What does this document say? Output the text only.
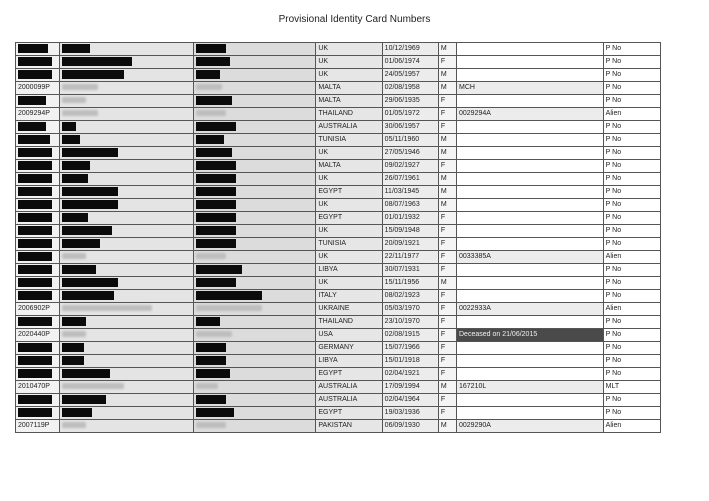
Provisional Identity Card Numbers
			UK	10/12/1969	M		P No
			UK	01/06/1974	F		P No
			UK	24/05/1957	M		P No
2000099P			MALTA	02/08/1958	M	MCH	P No
			MALTA	29/06/1935	F		P No
2009294P			THAILAND	01/05/1972	F	0029294A	Alien
			AUSTRALIA	30/06/1957	F		P No
			TUNISIA	05/11/1960	M		P No
			UK	27/05/1946	M		P No
			MALTA	09/02/1927	F		P No
			UK	26/07/1961	M		P No
			EGYPT	11/03/1945	M		P No
			UK	08/07/1963	M		P No
			EGYPT	01/01/1932	F		P No
			UK	15/09/1948	F		P No
			TUNISIA	20/09/1921	F		P No
			UK	22/11/1977	F	0033385A	Alien
			LIBYA	30/07/1931	F		P No
			UK	15/11/1956	M		P No
			ITALY	08/02/1923	F		P No
2006902P			UKRAINE	05/03/1970	F	0022933A	Alien
			THAILAND	23/10/1970	F		P No
2020440P			USA	02/08/1915	F	Deceased on 21/06/2015	P No
			GERMANY	15/07/1966	F		P No
			LIBYA	15/01/1918	F		P No
			EGYPT	02/04/1921	F		P No
2010470P			AUSTRALIA	17/09/1994	M	167210L	MLT
			AUSTRALIA	02/04/1964	F		P No
			EGYPT	19/03/1936	F		P No
2007119P			PAKISTAN	06/09/1930	M	0029290A	Alien
